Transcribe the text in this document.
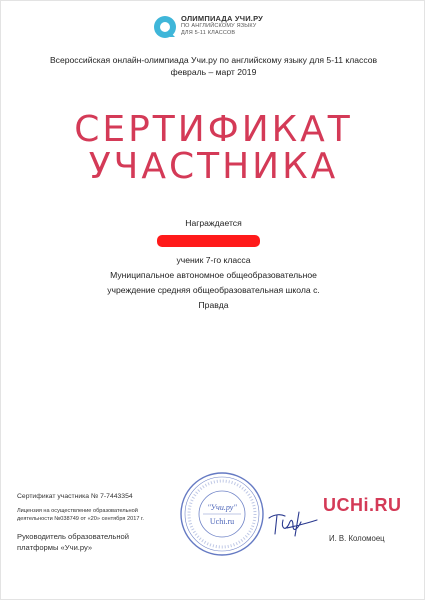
ОЛИМПИАДА УЧИ.РУ
ПО АНГЛИЙСКОМУ ЯЗЫКУ
ДЛЯ 5-11 КЛАССОВ
Всероссийская онлайн-олимпиада Учи.ру по английскому языку для 5-11 классов
февраль – март 2019
СЕРТИФИКАТ
УЧАСТНИКА
Награждается
ученик 7-го класса
Муниципальное автономное общеобразовательное
учреждение средняя общеобразовательная школа с.
Правда
Сертификат участника № 7-7443354
Лицензия на осуществление образовательной
деятельности №038749 от «20» сентября 2017 г.
Руководитель образовательной
платформы «Учи.ру»
"Учи.ру"
Uchi.ru
UCHi.RU
И. В. Коломоец
